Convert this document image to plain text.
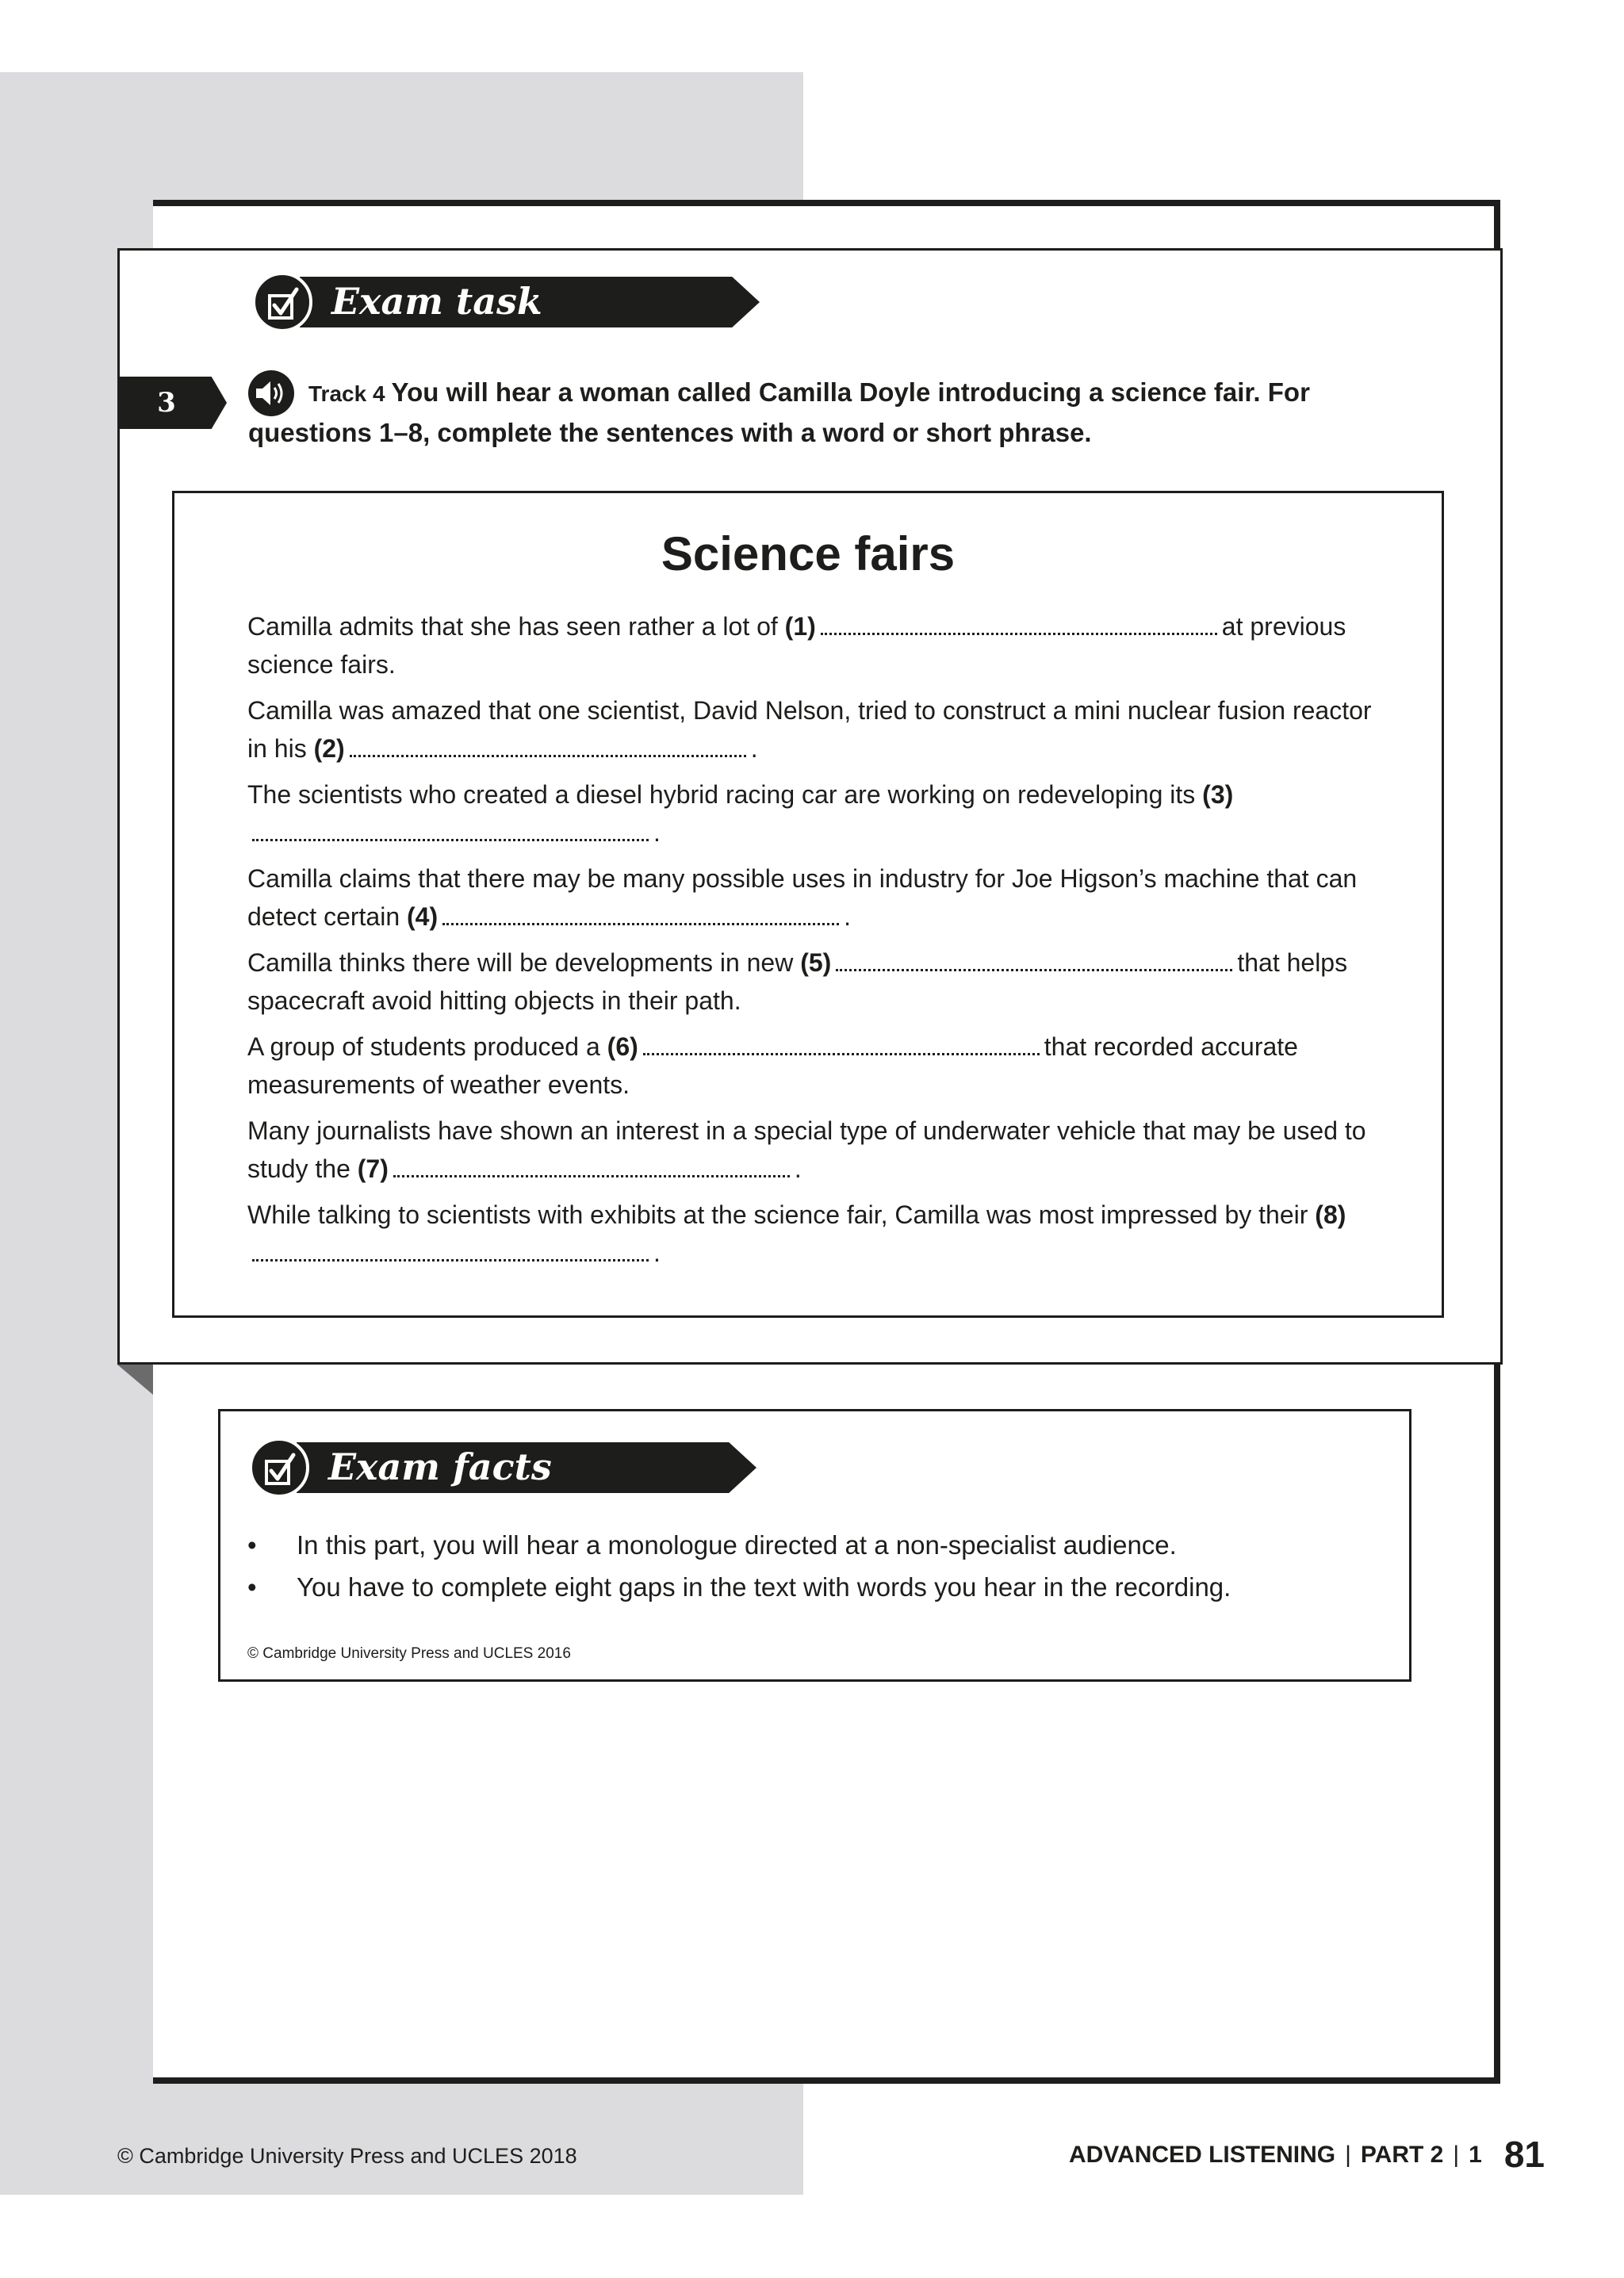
Exam task
3	Track 4 You will hear a woman called Camilla Doyle introducing a science fair. For questions 1–8, complete the sentences with a word or short phrase.
Science fairs
Camilla admits that she has seen rather a lot of (1)	at previous science fairs.
Camilla was amazed that one scientist, David Nelson, tried to construct a mini nuclear fusion reactor in his (2)	.
The scientists who created a diesel hybrid racing car are working on redeveloping its (3).
Camilla claims that there may be many possible uses in industry for Joe Higson’s machine that can detect certain (4)	.
Camilla thinks there will be developments in new (5)	that helps spacecraft avoid hitting objects in their path.
A group of students produced a (6)	that recorded accurate measurements of weather events.
Many journalists have shown an interest in a special type of underwater vehicle that may be used to study the (7)	.
While talking to scientists with exhibits at the science fair, Camilla was most impressed by their (8).
Exam facts
• In this part, you will hear a monologue directed at a non-specialist audience.
• You have to complete eight gaps in the text with words you hear in the recording.
© Cambridge University Press and UCLES 2016
© Cambridge University Press and UCLES 2018	ADVANCED LISTENING | PART 2 | 1 81
